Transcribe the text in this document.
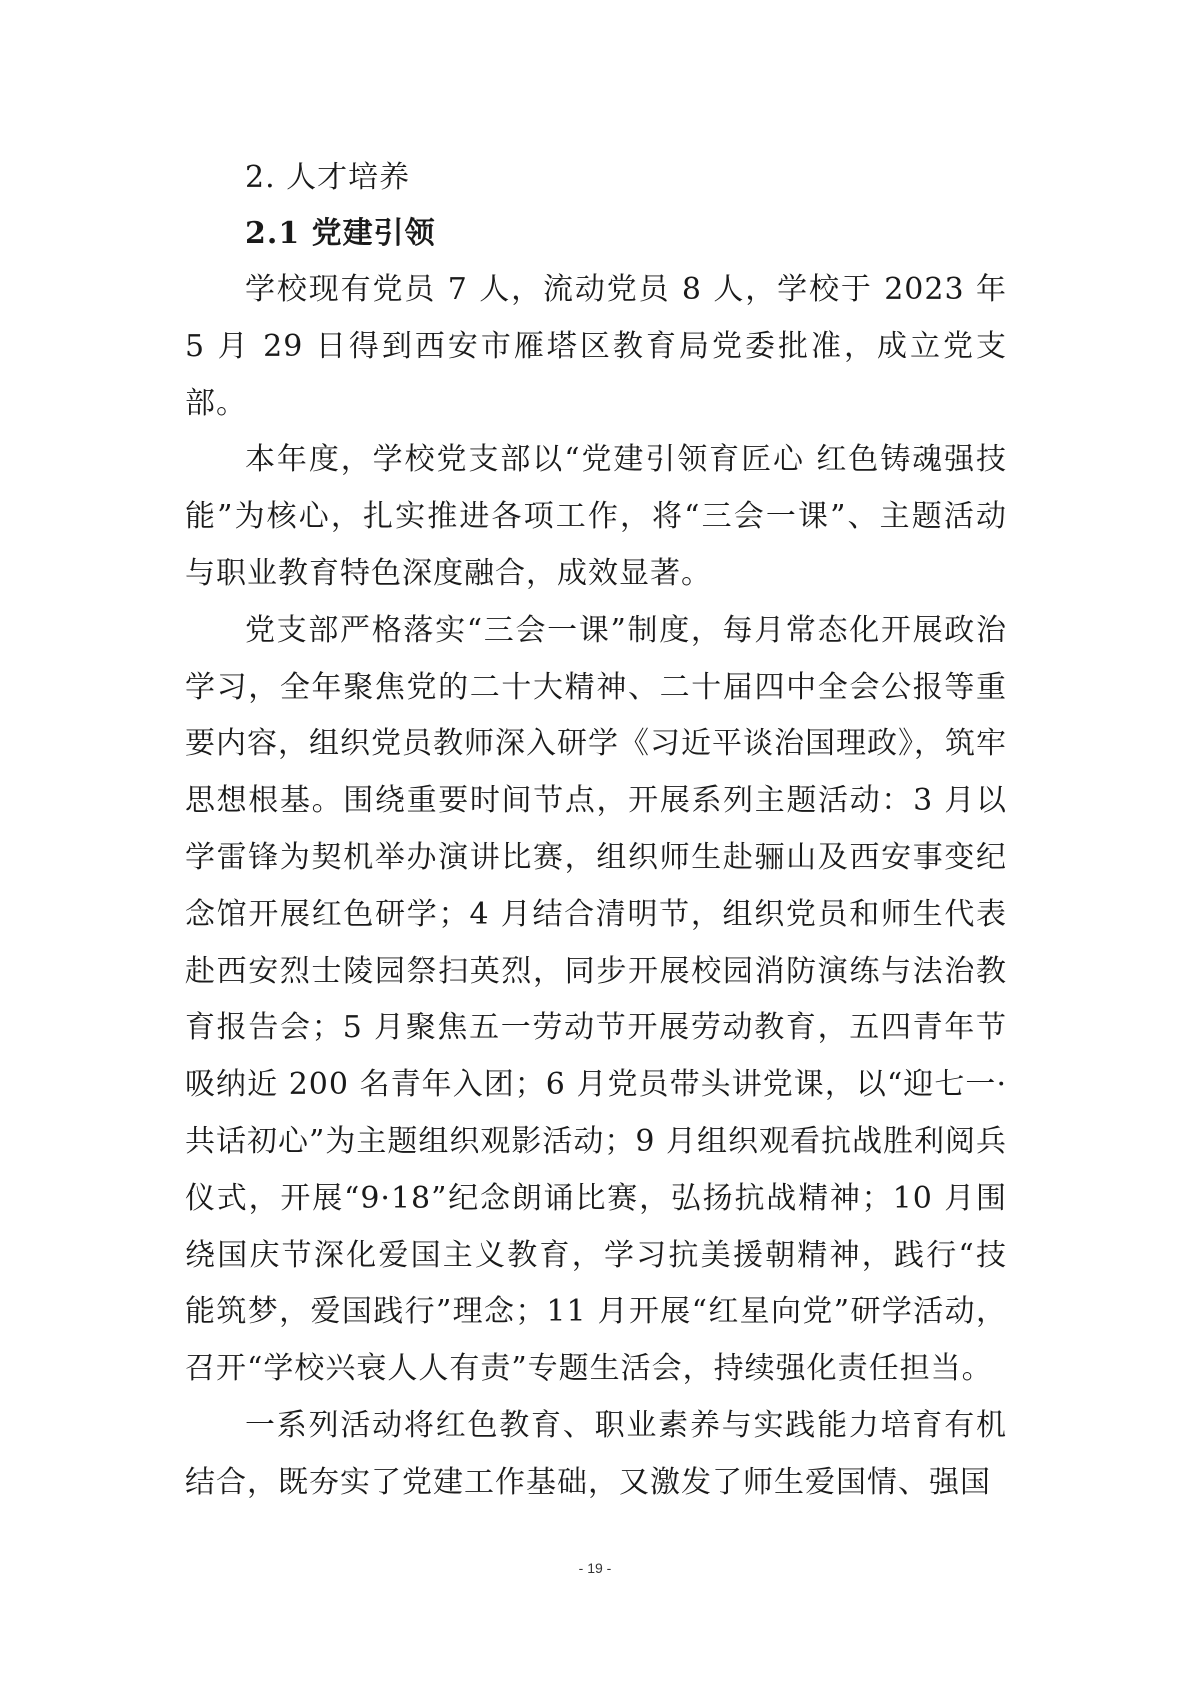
2. 人才培养
2.1 党建引领

学校现有党员 7 人，流动党员 8 人，学校于 2023 年 5 月 29 日得到西安市雁塔区教育局党委批准，成立党支部。

本年度，学校党支部以“党建引领育匠心 红色铸魂强技能”为核心，扎实推进各项工作，将“三会一课”、主题活动与职业教育特色深度融合，成效显著。

党支部严格落实“三会一课”制度，每月常态化开展政治学习，全年聚焦党的二十大精神、二十届四中全会公报等重要内容，组织党员教师深入研学《习近平谈治国理政》，筑牢思想根基。围绕重要时间节点，开展系列主题活动：3 月以学雷锋为契机举办演讲比赛，组织师生赴骊山及西安事变纪念馆开展红色研学；4 月结合清明节，组织党员和师生代表赴西安烈士陵园祭扫英烈，同步开展校园消防演练与法治教育报告会；5 月聚焦五一劳动节开展劳动教育，五四青年节吸纳近 200 名青年入团；6 月党员带头讲党课，以“迎七一·共话初心”为主题组织观影活动；9 月组织观看抗战胜利阅兵仪式，开展“9·18”纪念朗诵比赛，弘扬抗战精神；10 月围绕国庆节深化爱国主义教育，学习抗美援朝精神，践行“技能筑梦，爱国践行”理念；11 月开展“红星向党”研学活动，召开“学校兴衰人人有责”专题生活会，持续强化责任担当。

一系列活动将红色教育、职业素养与实践能力培育有机结合，既夯实了党建工作基础，又激发了师生爱国情、强国

- 19 -
